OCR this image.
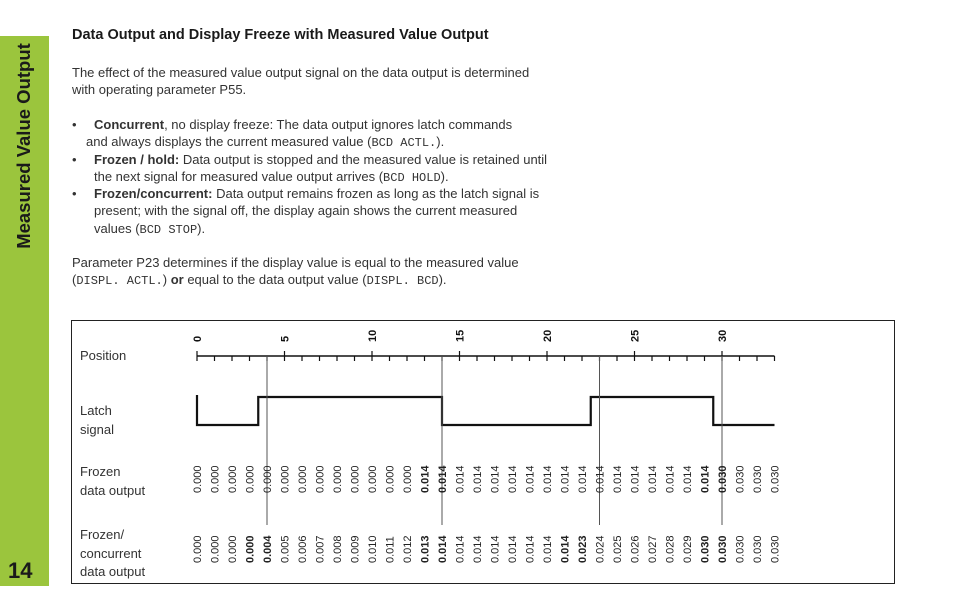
Measured Value Output
14
Data Output and Display Freeze with Measured Value Output
The effect of the measured value output signal on the data output is determined
with operating parameter P55.
• Concurrent, no display freeze: The data output ignores latch commands
and always displays the current measured value (BCD ACTL.).
• Frozen / hold: Data output is stopped and the measured value is retained until
the next signal for measured value output arrives (BCD HOLD).
• Frozen/concurrent: Data output remains frozen as long as the latch signal is
present; with the signal off, the display again shows the current measured
values (BCD STOP).
Parameter P23 determines if the display value is equal to the measured value
(DISPL. ACTL.) or equal to the data output value (DISPL. BCD).
Position
Latch
signal
Frozen
data output
Frozen/
concurrent
data output
0	5	10	15	20	25	30
0.000 0.000 0.000 0.000 0.000 0.000 0.000 0.000 0.000 0.000 0.000 0.000 0.000 0.014 0.014 0.014 0.014 0.014 0.014 0.014 0.014 0.014 0.014 0.014 0.014 0.014 0.014 0.014 0.014 0.014 0.030 0.030 0.030 0.030
0.000 0.000 0.000 0.000 0.004 0.005 0.006 0.007 0.008 0.009 0.010 0.011 0.012 0.013 0.014 0.014 0.014 0.014 0.014 0.014 0.014 0.014 0.023 0.024 0.025 0.026 0.027 0.028 0.029 0.030 0.030 0.030 0.030 0.030
